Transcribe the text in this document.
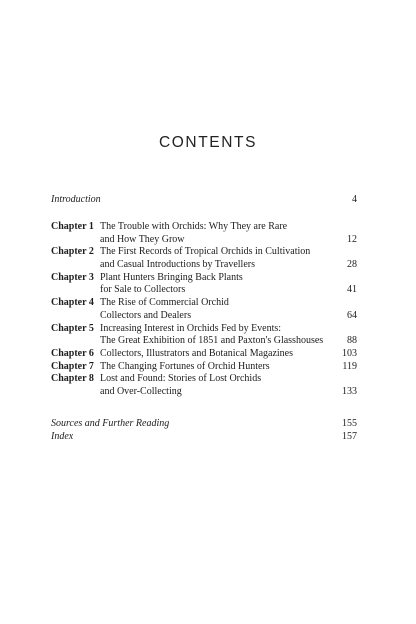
CONTENTS
Introduction	4
Chapter 1 The Trouble with Orchids: Why They are Rare
and How They Grow	12
Chapter 2 The First Records of Tropical Orchids in Cultivation
and Casual Introductions by Travellers	28
Chapter 3 Plant Hunters Bringing Back Plants
for Sale to Collectors	41
Chapter 4 The Rise of Commercial Orchid
Collectors and Dealers	64
Chapter 5 Increasing Interest in Orchids Fed by Events:
The Great Exhibition of 1851 and Paxton's Glasshouses 88
Chapter 6 Collectors, Illustrators and Botanical Magazines	103
Chapter 7 The Changing Fortunes of Orchid Hunters	119
Chapter 8 Lost and Found: Stories of Lost Orchids
and Over-Collecting	133
Sources and Further Reading	155
Index	157
